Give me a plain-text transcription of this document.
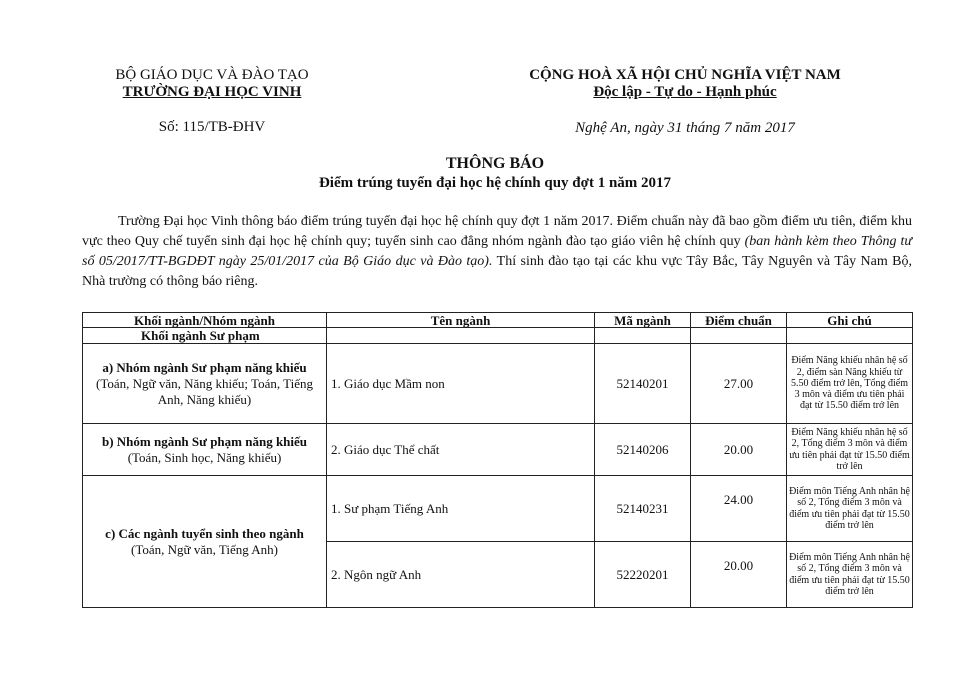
BỘ GIÁO DỤC VÀ ĐÀO TẠO
TRƯỜNG ĐẠI HỌC VINH
Số: 115/TB-ĐHV
CỘNG HOÀ XÃ HỘI CHỦ NGHĨA VIỆT NAM
Độc lập - Tự do - Hạnh phúc
Nghệ An, ngày 31 tháng 7 năm 2017
THÔNG BÁO
Điểm trúng tuyển đại học hệ chính quy đợt 1 năm 2017
Trường Đại học Vinh thông báo điểm trúng tuyển đại học hệ chính quy đợt 1 năm 2017. Điểm chuẩn này đã bao gồm điểm ưu tiên, điểm khu vực theo Quy chế tuyển sinh đại học hệ chính quy; tuyển sinh cao đẳng nhóm ngành đào tạo giáo viên hệ chính quy (ban hành kèm theo Thông tư số 05/2017/TT-BGDĐT ngày 25/01/2017 của Bộ Giáo dục và Đào tạo). Thí sinh đào tạo tại các khu vực Tây Bắc, Tây Nguyên và Tây Nam Bộ, Nhà trường có thông báo riêng.
Khối ngành/Nhóm ngành	Tên ngành	Mã ngành	Điểm chuẩn	Ghi chú
Khối ngành Sư phạm				

a) Nhóm ngành Sư phạm năng khiếu
(Toán, Ngữ văn, Năng khiếu; Toán, Tiếng Anh, Năng khiếu)	1. Giáo dục Mầm non	52140201	27.00	Điểm Năng khiếu nhân hệ số 2, điểm sàn Năng khiếu từ 5.50 điểm trở lên, Tổng điểm 3 môn và điểm ưu tiên phải đạt từ 15.50 điểm trở lên

b) Nhóm ngành Sư phạm năng khiếu
(Toán, Sinh học, Năng khiếu)	2. Giáo dục Thể chất	52140206	20.00	Điểm Năng khiếu nhân hệ số 2, Tổng điểm 3 môn và điểm ưu tiên phải đạt từ 15.50 điểm trở lên

c) Các ngành tuyển sinh theo ngành
(Toán, Ngữ văn, Tiếng Anh)	1. Sư phạm Tiếng Anh	52140231	24.00	Điểm môn Tiếng Anh nhân hệ số 2, Tổng điểm 3 môn và điểm ưu tiên phải đạt từ 15.50 điểm trở lên
	2. Ngôn ngữ Anh	52220201	20.00	Điểm môn Tiếng Anh nhân hệ số 2, Tổng điểm 3 môn và điểm ưu tiên phải đạt từ 15.50 điểm trở lên
